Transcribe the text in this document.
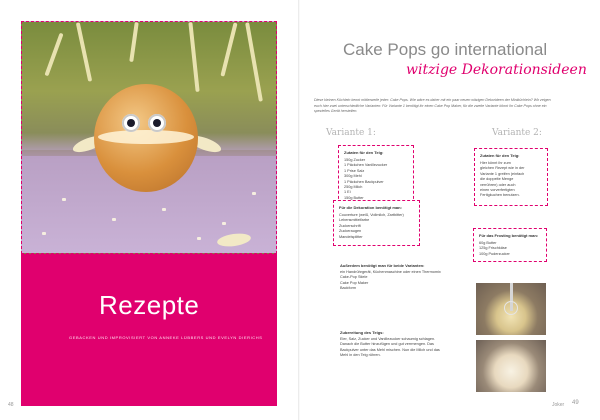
Rezepte
GEBACKEN UND IMPROVISIERT VON ANNEKE LÜBBERS UND EVELYN DIERICHS
48 JOKER
Cake Pops go international
witzige Dekorationsideen
Diese kleinen Küchlein kennt mittlerweile jeder: Cake Pops. Wie wäre es daher mit ein paar neuen witzigen Dekorideen der Miniküchlein? Wir zeigen euch hier zwei unterschiedliche Varianten: Für Variante 1 benötigt ihr einen Cake Pop Maker, für die zweite Variante könnt ihr Cake Pops ohne ein spezielles Gerät herstellen.
Variante 1:	Variante 2:
Zutaten für den Teig:
150g Zucker
1 Päckchen Vanillezucker
1 Prise Salz
300g Mehl
1 Päckchen Backpulver
250g Milch
1 Ei
150g Butter
Zutaten für den Teig:
Hier könnt ihr zum
gleichen Rezept wie in der
Variante 1 greifen (einfach
die doppelte Menge
verrühren) oder auch
einen vorverfertigten
Fertigkuchen benutzen.
Für die Dekoration benötigt man:
Couverture (weiß, Vollmilch, Zartbitter)
Lebensmittelfarbe
Zuckerschrift
Zuckeraugen
Mandelsplitter	Für das Frosting benötigt man:
60g Butter
125g Frischkäse
100g Puderzucker
Außerdem benötigt man für beide Varianten:
ein Handrührgerät, Küchenmaschine oder einen Thermomix
Cake-Pop Stiele
Cake Pop Maker
Backform
Zubereitung des Teigs:
Eier, Salz, Zucker und Vanillezucker schaumig schlagen.
Danach die Butter hinzufügen und gut verrmengen. Das
Backpulver unter das Mehl mischen. Nun die Milch und das
Mehl in den Teig rühren.
Joker 49
